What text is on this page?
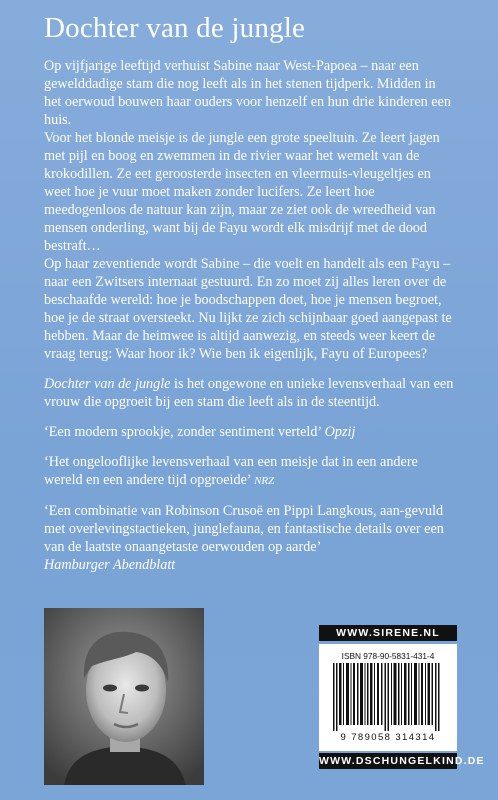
Dochter van de jungle

Op vijfjarige leeftijd verhuist Sabine naar West-Papoea – naar een gewelddadige stam die nog leeft als in het stenen tijdperk. Midden in het oerwoud bouwen haar ouders voor henzelf en hun drie kinderen een huis.

Voor het blonde meisje is de jungle een grote speeltuin. Ze leert jagen met pijl en boog en zwemmen in de rivier waar het wemelt van de krokodillen. Ze eet geroosterde insecten en vleermuis-vleugeltjes en weet hoe je vuur moet maken zonder lucifers. Ze leert hoe meedogenloos de natuur kan zijn, maar ze ziet ook de wreedheid van mensen onderling, want bij de Fayu wordt elk misdrijf met de dood bestraft…

Op haar zeventiende wordt Sabine – die voelt en handelt als een Fayu – naar een Zwitsers internaat gestuurd. En zo moet zij alles leren over de beschaafde wereld: hoe je boodschappen doet, hoe je mensen begroet, hoe je de straat oversteekt. Nu lijkt ze zich schijnbaar goed aangepast te hebben. Maar de heimwee is altijd aanwezig, en steeds weer keert de vraag terug: Waar hoor ik? Wie ben ik eigenlijk, Fayu of Europees?

Dochter van de jungle is het ongewone en unieke levensverhaal van een vrouw die opgroeit bij een stam die leeft als in de steentijd.

‘Een modern sprookje, zonder sentiment verteld’ Opzij

‘Het ongelooflijke levensverhaal van een meisje dat in een andere wereld en een andere tijd opgroeide’ NRZ

‘Een combinatie van Robinson Crusoë en Pippi Langkous, aan-gevuld met overlevingstactieken, junglefauna, en fantastische details over een van de laatste onaangetaste oerwouden op aarde’
Hamburger Abendblatt

WWW.SIRENE.NL
ISBN 978-90-5831-431-4
9 789058 314314
WWW.DSCHUNGELKIND.DE
